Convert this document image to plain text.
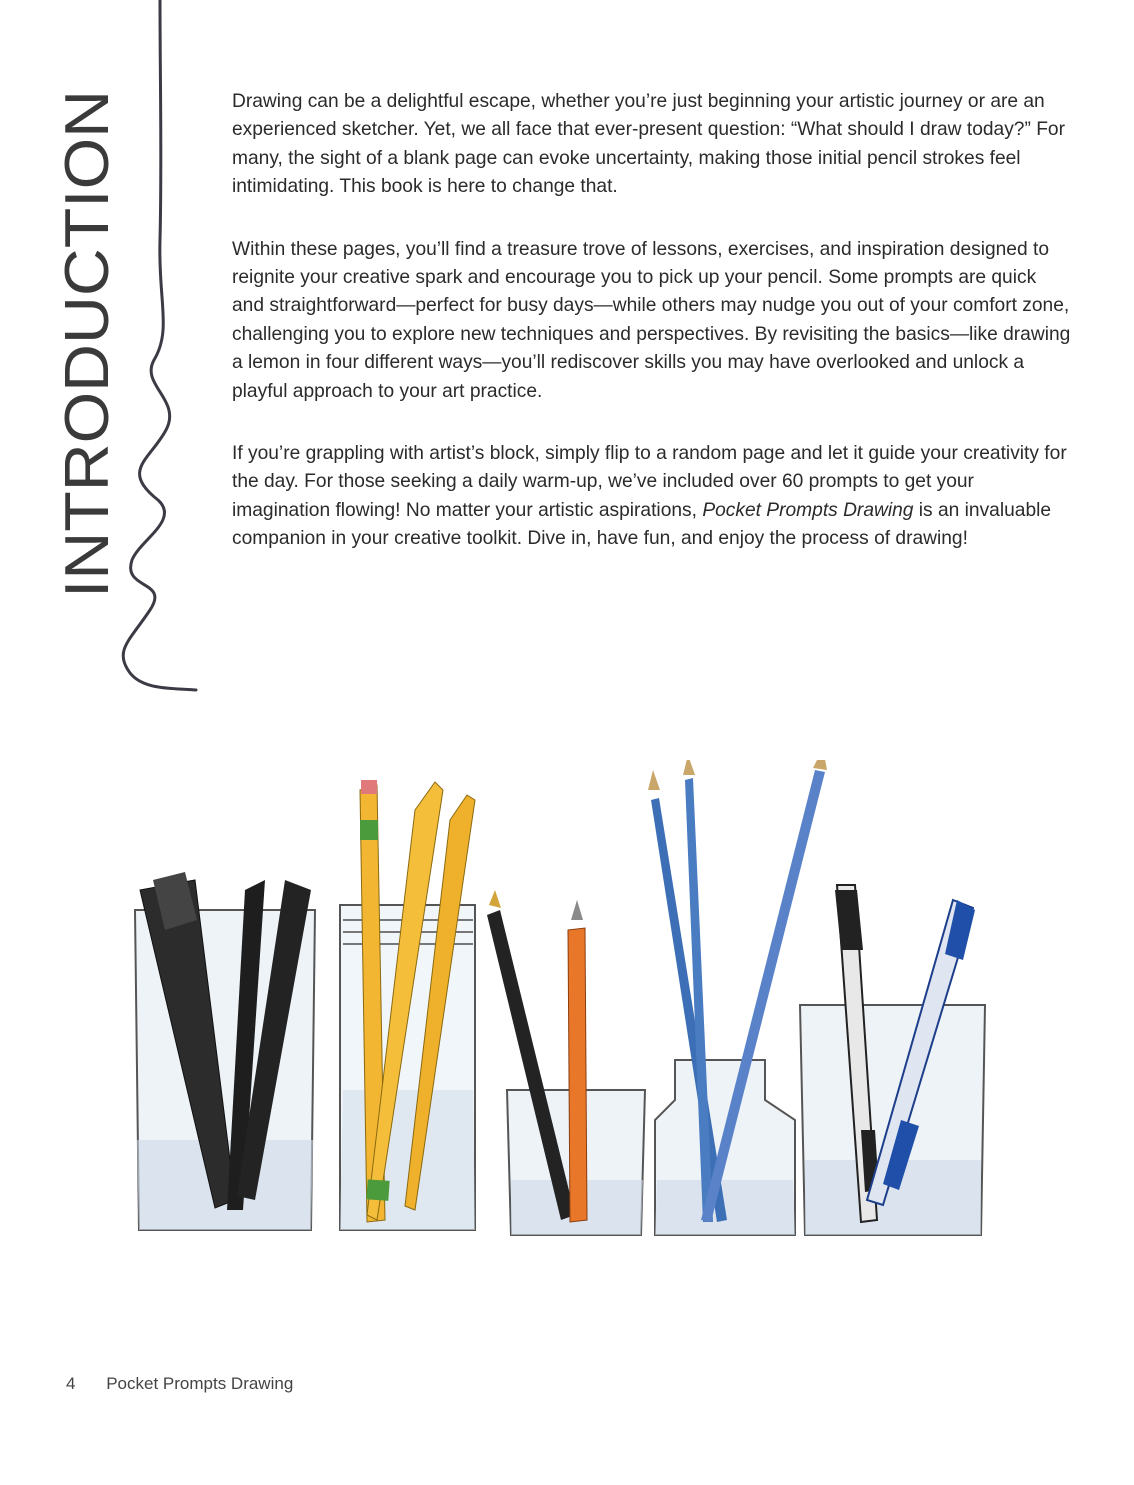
INTRODUCTION

Drawing can be a delightful escape, whether you’re just beginning your artistic journey or are an experienced sketcher. Yet, we all face that ever-present question: “What should I draw today?” For many, the sight of a blank page can evoke uncertainty, making those initial pencil strokes feel intimidating. This book is here to change that.

Within these pages, you’ll find a treasure trove of lessons, exercises, and inspiration designed to reignite your creative spark and encourage you to pick up your pencil. Some prompts are quick and straightforward—perfect for busy days—while others may nudge you out of your comfort zone, challenging you to explore new techniques and perspectives. By revisiting the basics—like drawing a lemon in four different ways—you’ll rediscover skills you may have overlooked and unlock a playful approach to your art practice.

If you’re grappling with artist’s block, simply flip to a random page and let it guide your creativity for the day. For those seeking a daily warm-up, we’ve included over 60 prompts to get your imagination flowing! No matter your artistic aspirations, Pocket Prompts Drawing is an invaluable companion in your creative toolkit. Dive in, have fun, and enjoy the process of drawing!

4 Pocket Prompts Drawing
